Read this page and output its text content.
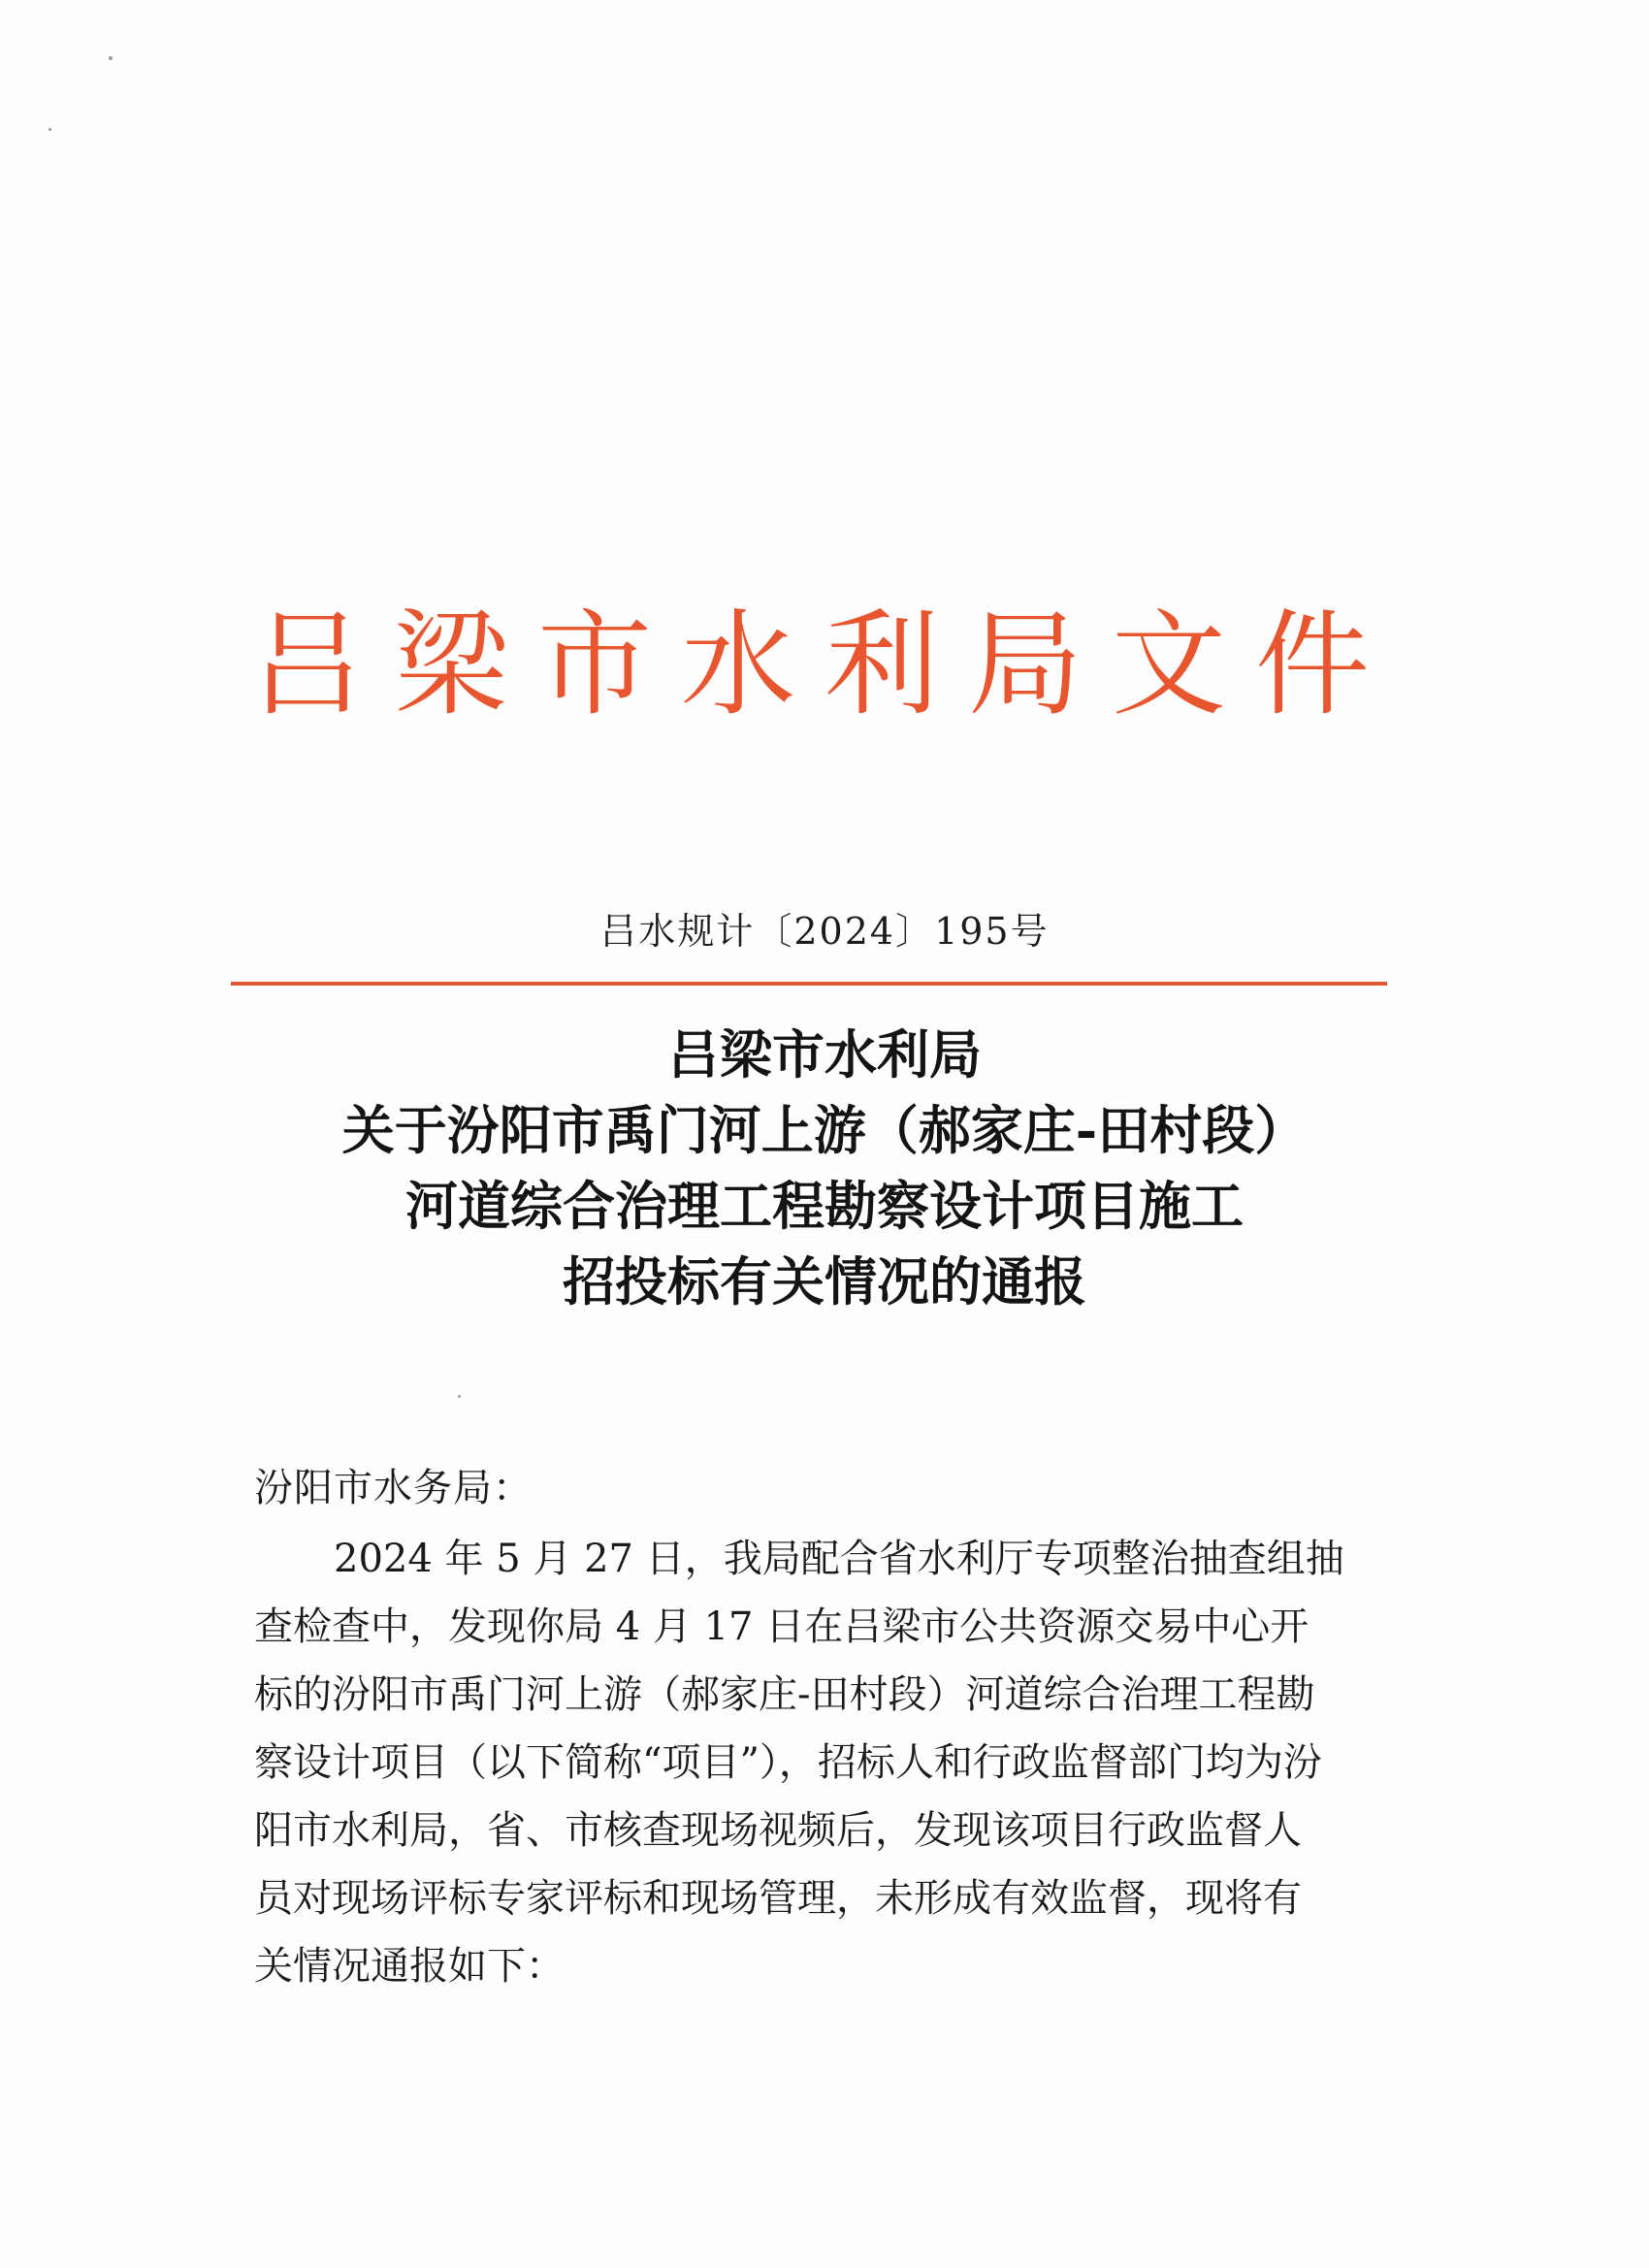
吕梁市水利局文件
吕水规计〔2024〕195号
吕梁市水利局
关于汾阳市禹门河上游（郝家庄-田村段）
河道综合治理工程勘察设计项目施工
招投标有关情况的通报
汾阳市水务局：
2024 年 5 月 27 日，我局配合省水利厅专项整治抽查组抽
查检查中，发现你局 4 月 17 日在吕梁市公共资源交易中心开
标的汾阳市禹门河上游（郝家庄-田村段）河道综合治理工程勘
察设计项目（以下简称“项目”），招标人和行政监督部门均为汾
阳市水利局，省、市核查现场视频后，发现该项目行政监督人
员对现场评标专家评标和现场管理，未形成有效监督，现将有
关情况通报如下：
